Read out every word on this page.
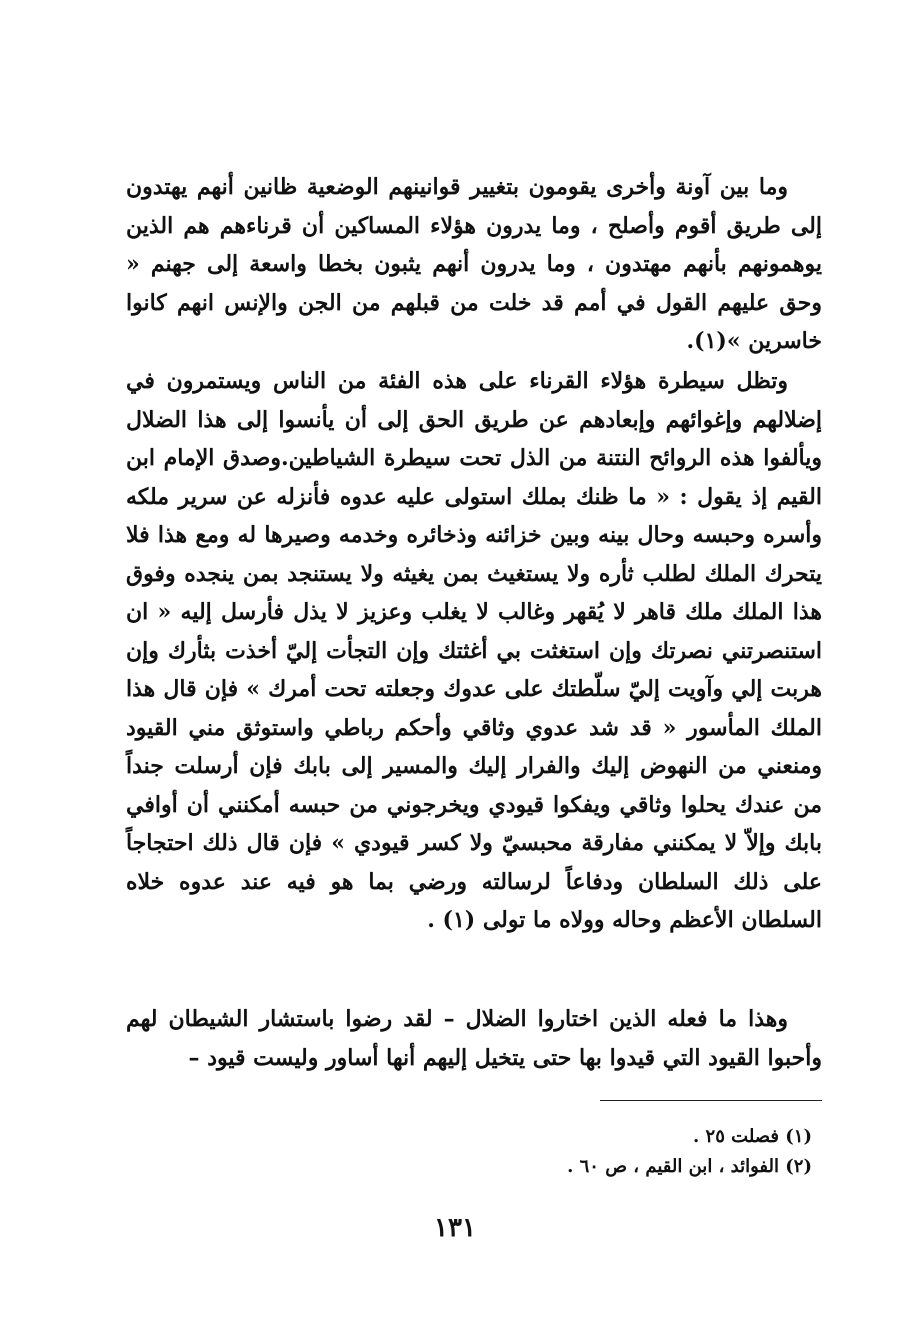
وما بين آونة وأخرى يقومون بتغيير قوانينهم الوضعية ظانين أنهم يهتدون إلى طريق أقوم وأصلح ، وما يدرون هؤلاء المساكين أن قرناءهم هم الذين يوهمونهم بأنهم مهتدون ، وما يدرون أنهم يثبون بخطا واسعة إلى جهنم « وحق عليهم القول في أمم قد خلت من قبلهم من الجن والإنس انهم كانوا خاسرين »(١).

وتظل سيطرة هؤلاء القرناء على هذه الفئة من الناس ويستمرون في إضلالهم وإغوائهم وإبعادهم عن طريق الحق إلى أن يأنسوا إلى هذا الضلال ويألفوا هذه الروائح النتنة من الذل تحت سيطرة الشياطين.وصدق الإمام ابن القيم إذ يقول : « ما ظنك بملك استولى عليه عدوه فأنزله عن سرير ملكه وأسره وحبسه وحال بينه وبين خزائنه وذخائره وخدمه وصيرها له ومع هذا فلا يتحرك الملك لطلب ثأره ولا يستغيث بمن يغيثه ولا يستنجد بمن ينجده وفوق هذا الملك ملك قاهر لا يُقهر وغالب لا يغلب وعزيز لا يذل فأرسل إليه « ان استنصرتني نصرتك وإن استغثت بي أغثتك وإن التجأت إليّ أخذت بثأرك وإن هربت إلي وآويت إليّ سلّطتك على عدوك وجعلته تحت أمرك » فإن قال هذا الملك المأسور « قد شد عدوي وثاقي وأحكم رباطي واستوثق مني القيود ومنعني من النهوض إليك والفرار إليك والمسير إلى بابك فإن أرسلت جنداً من عندك يحلوا وثاقي ويفكوا قيودي ويخرجوني من حبسه أمكنني أن أوافي بابك وإلاّ لا يمكنني مفارقة محبسيّ ولا كسر قيودي » فإن قال ذلك احتجاجاً على ذلك السلطان ودفاعاً لرسالته ورضي بما هو فيه عند عدوه خلاه السلطان الأعظم وحاله وولاه ما تولى (١) .

وهذا ما فعله الذين اختاروا الضلال – لقد رضوا باستشار الشيطان لهم وأحبوا القيود التي قيدوا بها حتى يتخيل إليهم أنها أساور وليست قيود –

(١) فصلت ٢٥ .

(٢) الفوائد ، ابن القيم ، ص ٦٠ .

١٣١
